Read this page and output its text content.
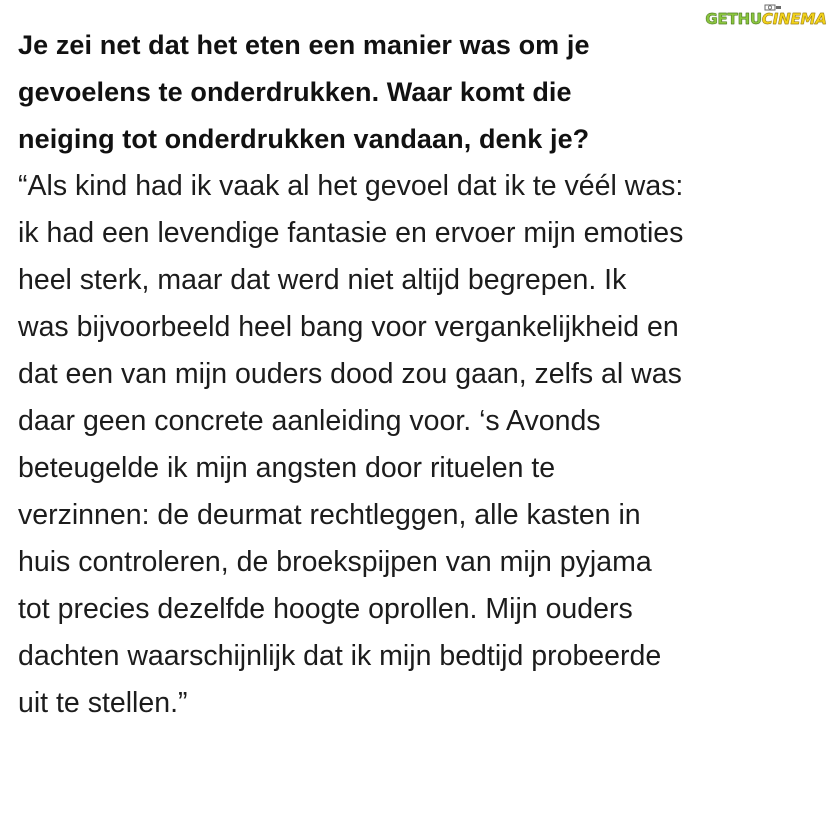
GETHU CINEMA

Je zei net dat het eten een manier was om je
gevoelens te onderdrukken. Waar komt die
neiging tot onderdrukken vandaan, denk je?

“Als kind had ik vaak al het gevoel dat ik te véél was:
ik had een levendige fantasie en ervoer mijn emoties
heel sterk, maar dat werd niet altijd begrepen. Ik
was bijvoorbeeld heel bang voor vergankelijkheid en
dat een van mijn ouders dood zou gaan, zelfs al was
daar geen concrete aanleiding voor. ‘s Avonds
beteugelde ik mijn angsten door rituelen te
verzinnen: de deurmat rechtleggen, alle kasten in
huis controleren, de broekspijpen van mijn pyjama
tot precies dezelfde hoogte oprollen. Mijn ouders
dachten waarschijnlijk dat ik mijn bedtijd probeerde
uit te stellen.”
